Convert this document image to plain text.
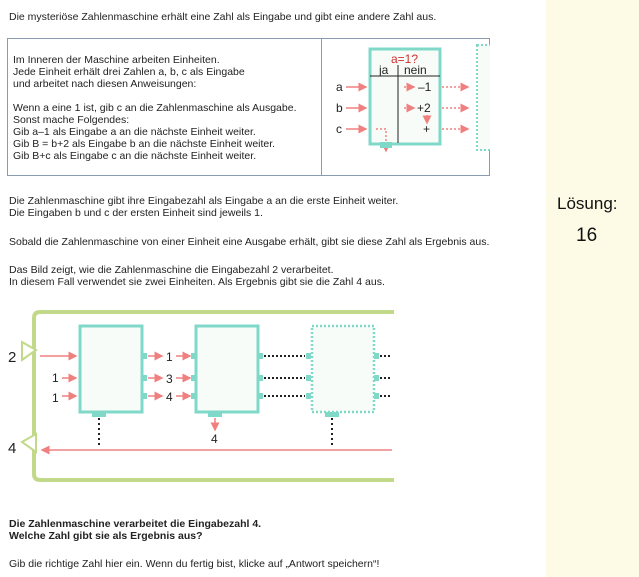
Die mysteriöse Zahlenmaschine erhält eine Zahl als Eingabe und gibt eine andere Zahl aus.
Im Inneren der Maschine arbeiten Einheiten.
Jede Einheit erhält drei Zahlen a, b, c als Eingabe
und arbeitet nach diesen Anweisungen:
Wenn a eine 1 ist, gib c an die Zahlenmaschine als Ausgabe.
Sonst mache Folgendes:
Gib a–1 als Eingabe a an die nächste Einheit weiter.
Gib B = b+2 als Eingabe b an die nächste Einheit weiter.
Gib B+c als Eingabe c an die nächste Einheit weiter.
a=1?
ja nein
a
b
c
–1
+2
+
Die Zahlenmaschine gibt ihre Eingabezahl als Eingabe a an die erste Einheit weiter.
Die Eingaben b und c der ersten Einheit sind jeweils 1.
Sobald die Zahlenmaschine von einer Einheit eine Ausgabe erhält, gibt sie diese Zahl als Ergebnis aus.
Das Bild zeigt, wie die Zahlenmaschine die Eingabezahl 2 verarbeitet.
In diesem Fall verwendet sie zwei Einheiten. Als Ergebnis gibt sie die Zahl 4 aus.
2
4
1
1
1
3
4
4
Die Zahlenmaschine verarbeitet die Eingabezahl 4.
Welche Zahl gibt sie als Ergebnis aus?
Gib die richtige Zahl hier ein. Wenn du fertig bist, klicke auf „Antwort speichern“!
Lösung:
16
